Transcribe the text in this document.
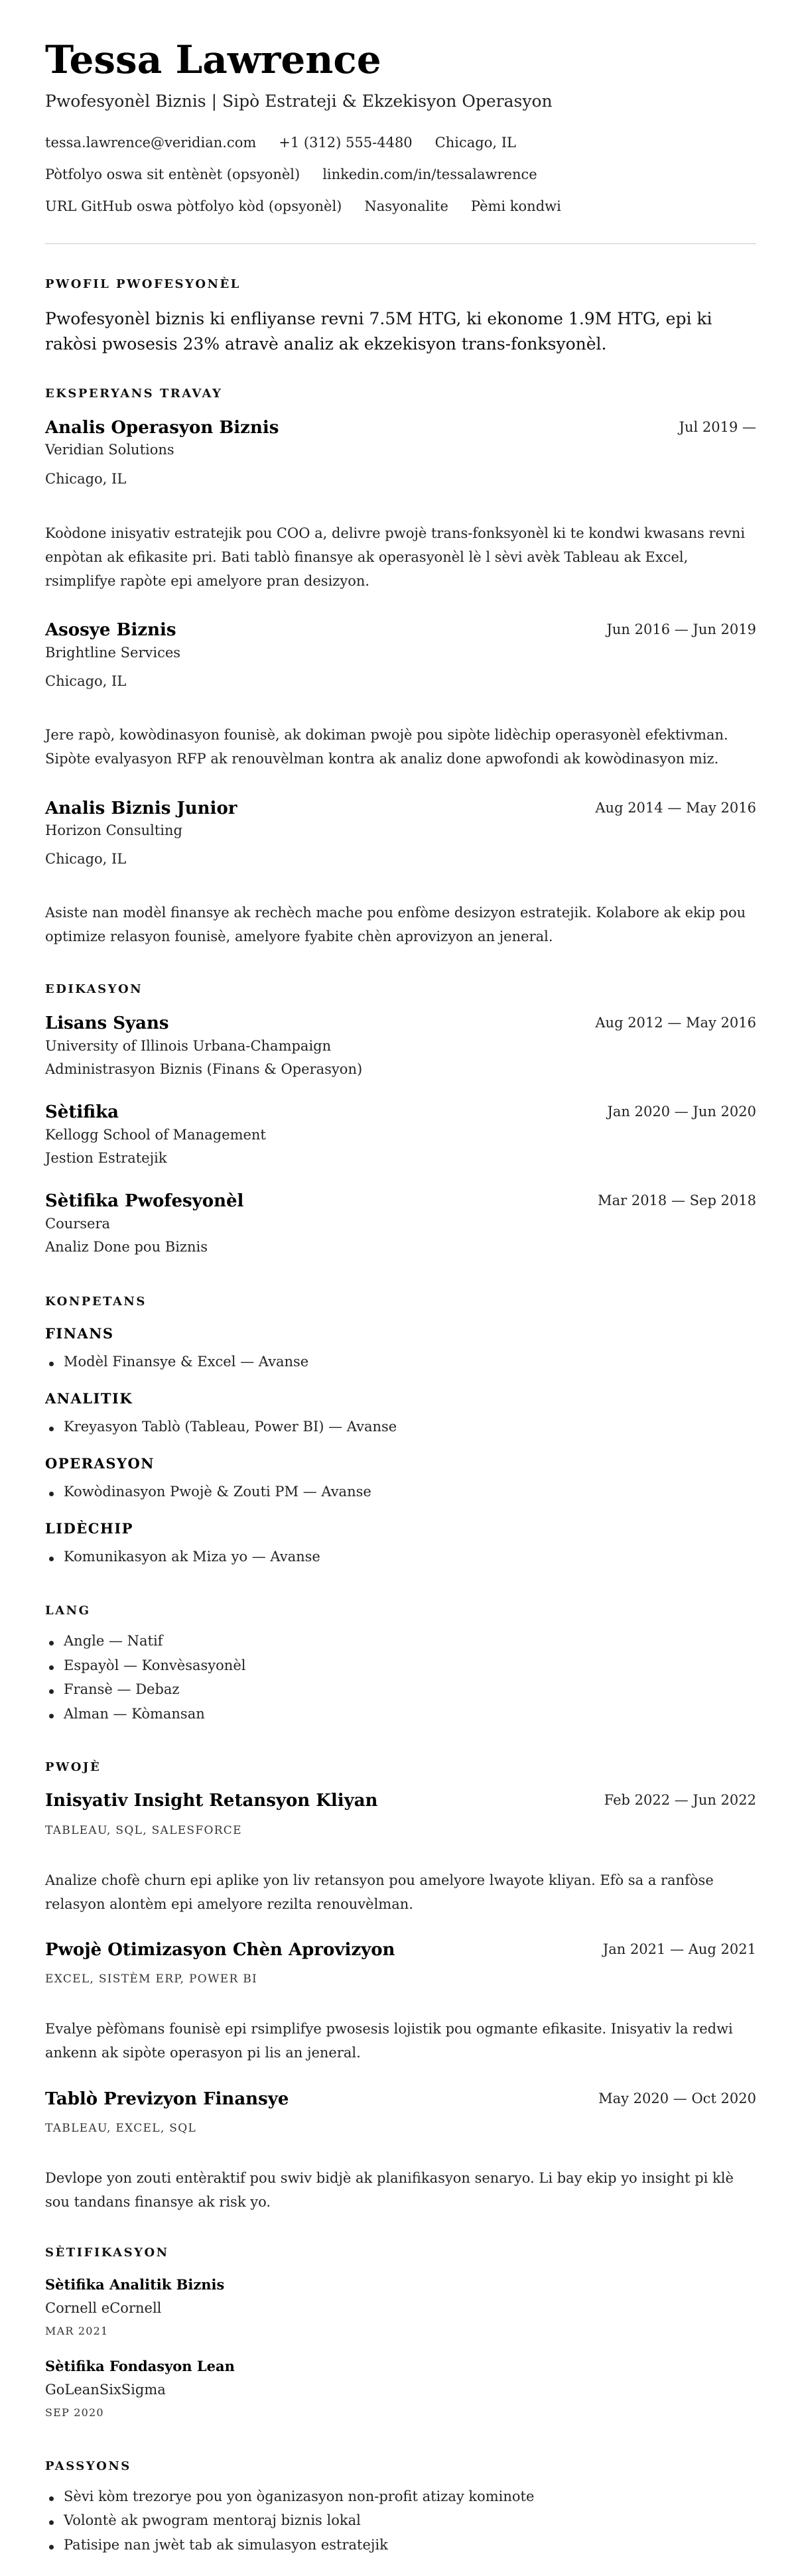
Tessa Lawrence
Pwofesyonèl Biznis | Sipò Estrateji & Ekzekisyon Operasyon
tessa.lawrence@veridian.com +1 (312) 555-4480 Chicago, IL
Pòtfolyo oswa sit entènèt (opsyonèl) linkedin.com/in/tessalawrence
URL GitHub oswa pòtfolyo kòd (opsyonèl) Nasyonalite Pèmi kondwi
PWOFIL PWOFESYONÈL
Pwofesyonèl biznis ki enfliyanse revni 7.5M HTG, ki ekonome 1.9M HTG, epi ki rakòsi pwosesis 23% atravè analiz ak ekzekisyon trans-fonksyonèl.
EKSPERYANS TRAVAY
Analis Operasyon Biznis	Jul 2019 —
Veridian Solutions
Chicago, IL
Koòdone inisyativ estratejik pou COO a, delivre pwojè trans-fonksyonèl ki te kondwi kwasans revni enpòtan ak efikasite pri. Bati tablò finansye ak operasyonèl lè l sèvi avèk Tableau ak Excel, rsimplifye rapòte epi amelyore pran desizyon.
Asosye Biznis	Jun 2016 — Jun 2019
Brightline Services
Chicago, IL
Jere rapò, kowòdinasyon founisè, ak dokiman pwojè pou sipòte lidèchip operasyonèl efektivman. Sipòte evalyasyon RFP ak renouvèlman kontra ak analiz done apwofondi ak kowòdinasyon miz.
Analis Biznis Junior	Aug 2014 — May 2016
Horizon Consulting
Chicago, IL
Asiste nan modèl finansye ak rechèch mache pou enfòme desizyon estratejik. Kolabore ak ekip pou optimize relasyon founisè, amelyore fyabite chèn aprovizyon an jeneral.
EDIKASYON
Lisans Syans	Aug 2012 — May 2016
University of Illinois Urbana-Champaign
Administrasyon Biznis (Finans & Operasyon)
Sètifika	Jan 2020 — Jun 2020
Kellogg School of Management
Jestion Estratejik
Sètifika Pwofesyonèl	Mar 2018 — Sep 2018
Coursera
Analiz Done pou Biznis
KONPETANS
FINANS
Modèl Finansye & Excel — Avanse
ANALITIK
Kreyasyon Tablò (Tableau, Power BI) — Avanse
OPERASYON
Kowòdinasyon Pwojè & Zouti PM — Avanse
LIDÈCHIP
Komunikasyon ak Miza yo — Avanse
LANG
Angle — Natif
Espayòl — Konvèsasyonèl
Fransè — Debaz
Alman — Kòmansan
PWOJÈ
Inisyativ Insight Retansyon Kliyan	Feb 2022 — Jun 2022
TABLEAU, SQL, SALESFORCE
Analize chofè churn epi aplike yon liv retansyon pou amelyore lwayote kliyan. Efò sa a ranfòse relasyon alontèm epi amelyore rezilta renouvèlman.
Pwojè Otimizasyon Chèn Aprovizyon	Jan 2021 — Aug 2021
EXCEL, SISTÈM ERP, POWER BI
Evalye pèfòmans founisè epi rsimplifye pwosesis lojistik pou ogmante efikasite. Inisyativ la redwi ankenn ak sipòte operasyon pi lis an jeneral.
Tablò Previzyon Finansye	May 2020 — Oct 2020
TABLEAU, EXCEL, SQL
Devlope yon zouti entèraktif pou swiv bidjè ak planifikasyon senaryo. Li bay ekip yo insight pi klè sou tandans finansye ak risk yo.
SÈTIFIKASYON
Sètifika Analitik Biznis
Cornell eCornell
MAR 2021
Sètifika Fondasyon Lean
GoLeanSixSigma
SEP 2020
PASSYONS
Sèvi kòm trezorye pou yon òganizasyon non-profit atizay kominote
Volontè ak pwogram mentoraj biznis lokal
Patisipe nan jwèt tab ak simulasyon estratejik
